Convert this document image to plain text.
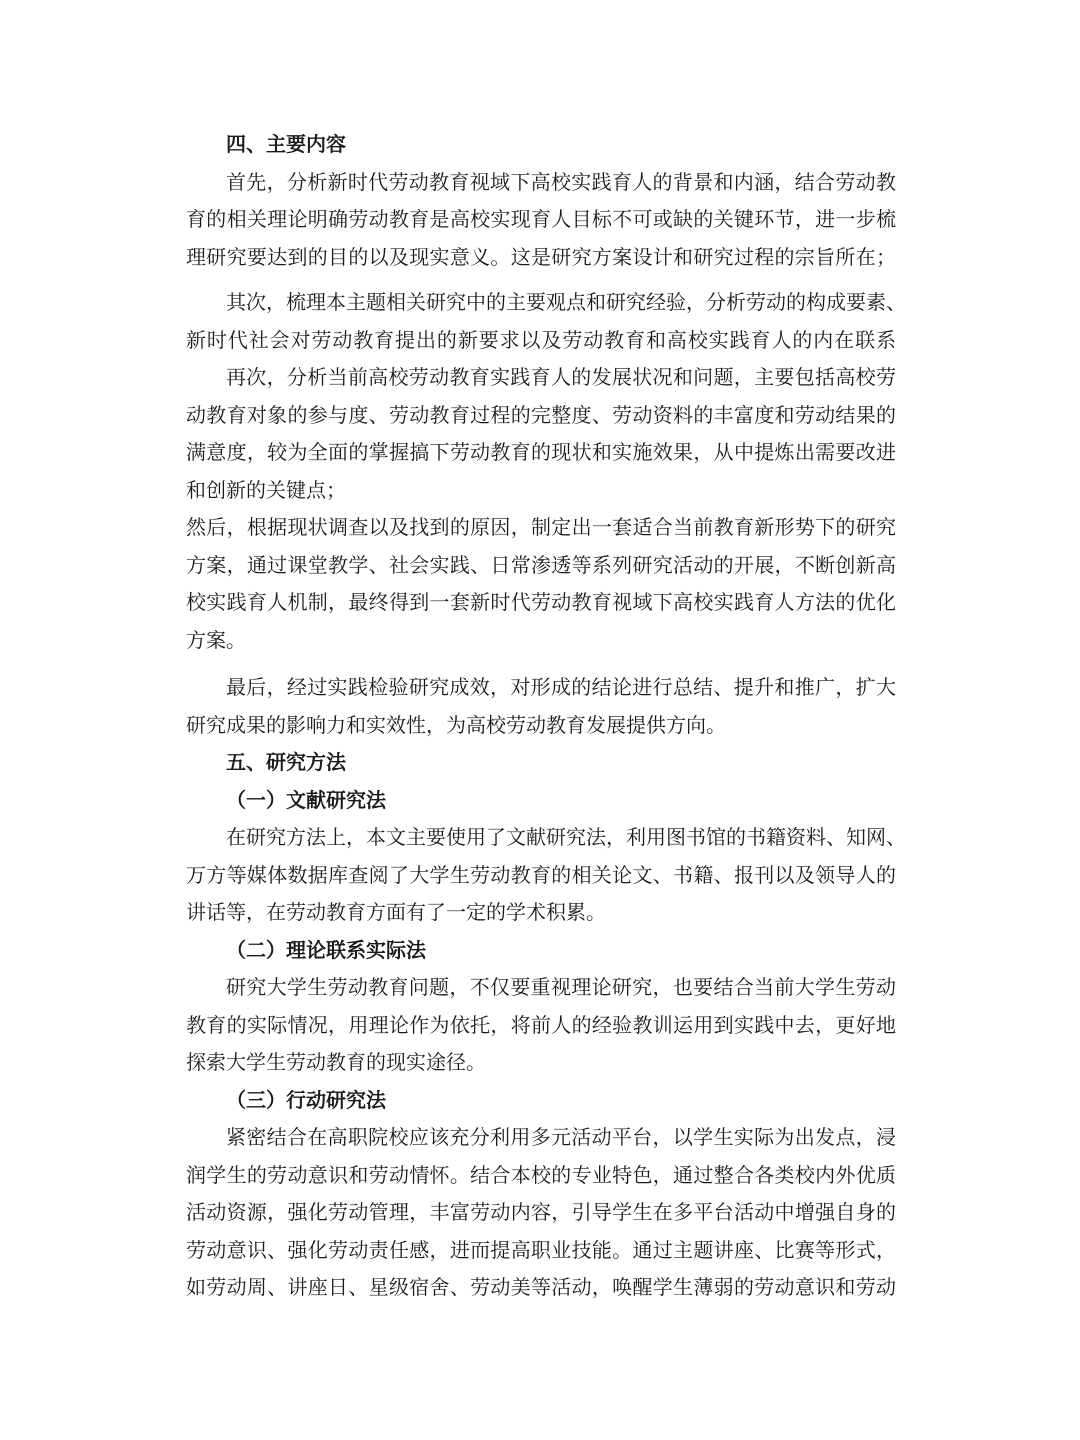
四、主要内容
首先，分析新时代劳动教育视域下高校实践育人的背景和内涵，结合劳动教
育的相关理论明确劳动教育是高校实现育人目标不可或缺的关键环节，进一步梳
理研究要达到的目的以及现实意义。这是研究方案设计和研究过程的宗旨所在；
其次，梳理本主题相关研究中的主要观点和研究经验，分析劳动的构成要素、
新时代社会对劳动教育提出的新要求以及劳动教育和高校实践育人的内在联系
再次，分析当前高校劳动教育实践育人的发展状况和问题，主要包括高校劳
动教育对象的参与度、劳动教育过程的完整度、劳动资料的丰富度和劳动结果的
满意度，较为全面的掌握搞下劳动教育的现状和实施效果，从中提炼出需要改进
和创新的关键点；
然后，根据现状调查以及找到的原因，制定出一套适合当前教育新形势下的研究
方案，通过课堂教学、社会实践、日常渗透等系列研究活动的开展，不断创新高
校实践育人机制，最终得到一套新时代劳动教育视域下高校实践育人方法的优化
方案。
最后，经过实践检验研究成效，对形成的结论进行总结、提升和推广，扩大
研究成果的影响力和实效性，为高校劳动教育发展提供方向。
五、研究方法
（一）文献研究法
在研究方法上，本文主要使用了文献研究法，利用图书馆的书籍资料、知网、
万方等媒体数据库查阅了大学生劳动教育的相关论文、书籍、报刊以及领导人的
讲话等，在劳动教育方面有了一定的学术积累。
（二）理论联系实际法
研究大学生劳动教育问题，不仅要重视理论研究，也要结合当前大学生劳动
教育的实际情况，用理论作为依托，将前人的经验教训运用到实践中去，更好地
探索大学生劳动教育的现实途径。
（三）行动研究法
紧密结合在高职院校应该充分利用多元活动平台，以学生实际为出发点，浸
润学生的劳动意识和劳动情怀。结合本校的专业特色，通过整合各类校内外优质
活动资源，强化劳动管理，丰富劳动内容，引导学生在多平台活动中增强自身的
劳动意识、强化劳动责任感，进而提高职业技能。通过主题讲座、比赛等形式，
如劳动周、讲座日、星级宿舍、劳动美等活动，唤醒学生薄弱的劳动意识和劳动
